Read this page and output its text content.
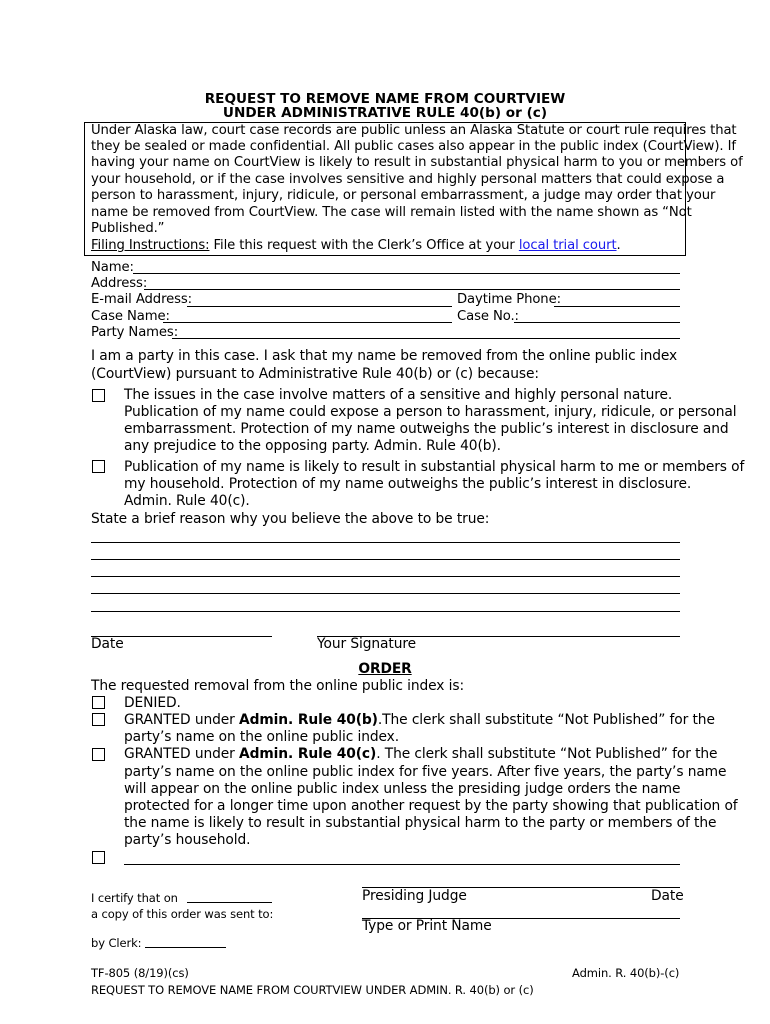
REQUEST TO REMOVE NAME FROM COURTVIEW
UNDER ADMINISTRATIVE RULE 40(b) or (c)
Under Alaska law, court case records are public unless an Alaska Statute or court rule requires that
they be sealed or made confidential. All public cases also appear in the public index (CourtView). If
having your name on CourtView is likely to result in substantial physical harm to you or members of
your household, or if the case involves sensitive and highly personal matters that could expose a
person to harassment, injury, ridicule, or personal embarrassment, a judge may order that your
name be removed from CourtView. The case will remain listed with the name shown as “Not
Published.”
Filing Instructions: File this request with the Clerk’s Office at your local trial court.
Name:
Address:
E-mail Address:	Daytime Phone:
Case Name:	Case No.:
Party Names:
I am a party in this case. I ask that my name be removed from the online public index
(CourtView) pursuant to Administrative Rule 40(b) or (c) because:
The issues in the case involve matters of a sensitive and highly personal nature.
Publication of my name could expose a person to harassment, injury, ridicule, or personal
embarrassment. Protection of my name outweighs the public’s interest in disclosure and
any prejudice to the opposing party. Admin. Rule 40(b).
Publication of my name is likely to result in substantial physical harm to me or members of
my household. Protection of my name outweighs the public’s interest in disclosure.
Admin. Rule 40(c).
State a brief reason why you believe the above to be true:
Date	Your Signature
ORDER
The requested removal from the online public index is:
DENIED.
GRANTED under Admin. Rule 40(b).The clerk shall substitute “Not Published” for the
party’s name on the online public index.
GRANTED under Admin. Rule 40(c). The clerk shall substitute “Not Published” for the
party’s name on the online public index for five years. After five years, the party’s name
will appear on the online public index unless the presiding judge orders the name
protected for a longer time upon another request by the party showing that publication of
the name is likely to result in substantial physical harm to the party or members of the
party’s household.
I certify that on
a copy of this order was sent to:
by Clerk:
Presiding Judge	Date
Type or Print Name
TF-805 (8/19)(cs)	Admin. R. 40(b)-(c)
REQUEST TO REMOVE NAME FROM COURTVIEW UNDER ADMIN. R. 40(b) or (c)
